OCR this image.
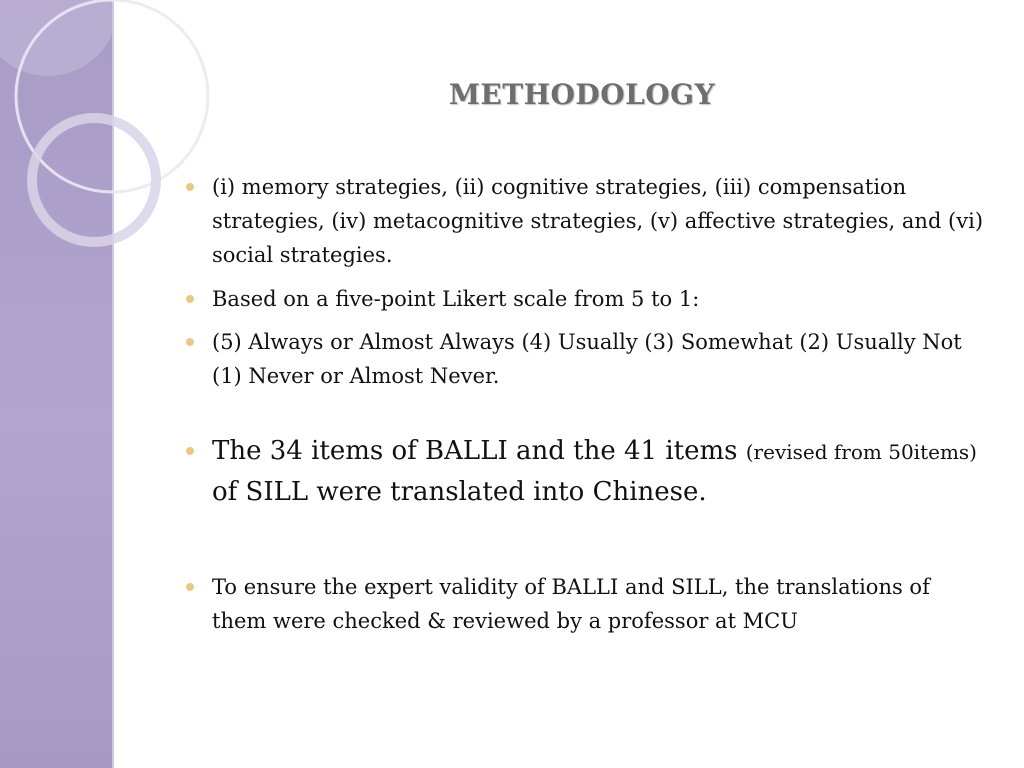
METHODOLOGY
(i) memory strategies, (ii) cognitive strategies, (iii) compensation strategies, (iv) metacognitive strategies, (v) affective strategies, and (vi) social strategies.
Based on a five-point Likert scale from 5 to 1:
(5) Always or Almost Always (4) Usually (3) Somewhat (2) Usually Not (1) Never or Almost Never.
The 34 items of BALLI and the 41 items (revised from 50items) of SILL were translated into Chinese.
To ensure the expert validity of BALLI and SILL, the translations of them were checked & reviewed by a professor at MCU
